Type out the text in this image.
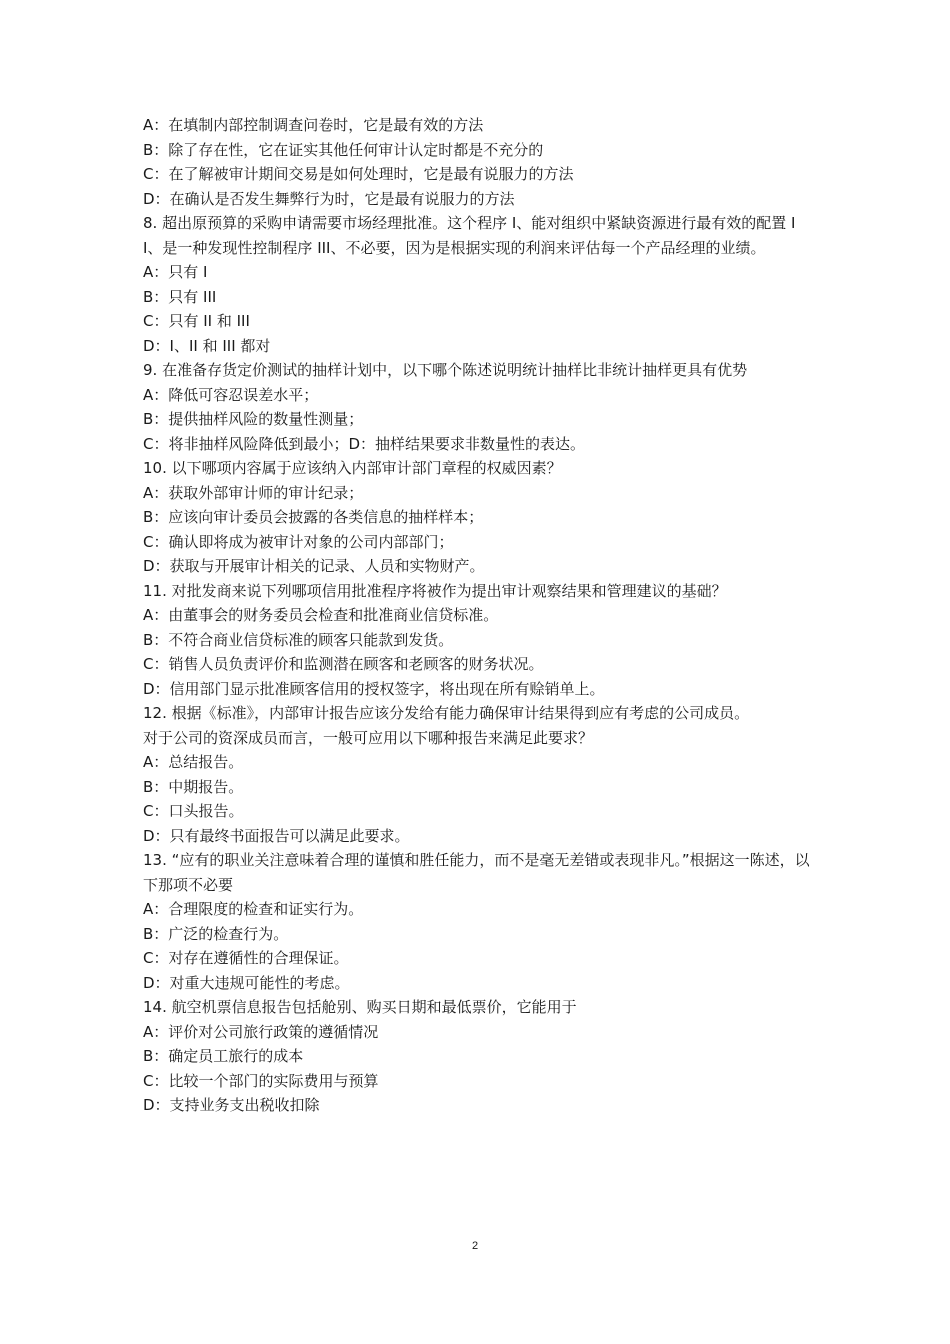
A：在填制内部控制调查问卷时，它是最有效的方法
B：除了存在性，它在证实其他任何审计认定时都是不充分的
C：在了解被审计期间交易是如何处理时，它是最有说服力的方法
D：在确认是否发生舞弊行为时，它是最有说服力的方法
8. 超出原预算的采购申请需要市场经理批准。这个程序 I、能对组织中紧缺资源进行最有效的配置 II、是一种发现性控制程序 III、不必要，因为是根据实现的利润来评估每一个产品经理的业绩。
A：只有 I
B：只有 III
C：只有 II 和 III
D：I、II 和 III 都对
9. 在准备存货定价测试的抽样计划中，以下哪个陈述说明统计抽样比非统计抽样更具有优势
A：降低可容忍误差水平；
B：提供抽样风险的数量性测量；
C：将非抽样风险降低到最小；D：抽样结果要求非数量性的表达。
10. 以下哪项内容属于应该纳入内部审计部门章程的权威因素？
A：获取外部审计师的审计纪录；
B：应该向审计委员会披露的各类信息的抽样样本；
C：确认即将成为被审计对象的公司内部部门；
D：获取与开展审计相关的记录、人员和实物财产。
11. 对批发商来说下列哪项信用批准程序将被作为提出审计观察结果和管理建议的基础？
A：由董事会的财务委员会检查和批准商业信贷标准。
B：不符合商业信贷标准的顾客只能款到发货。
C：销售人员负责评价和监测潜在顾客和老顾客的财务状况。
D：信用部门显示批准顾客信用的授权签字，将出现在所有赊销单上。
12. 根据《标准》，内部审计报告应该分发给有能力确保审计结果得到应有考虑的公司成员。
对于公司的资深成员而言，一般可应用以下哪种报告来满足此要求？
A：总结报告。
B：中期报告。
C：口头报告。
D：只有最终书面报告可以满足此要求。
13. “应有的职业关注意味着合理的谨慎和胜任能力，而不是毫无差错或表现非凡。”根据这一陈述，以下那项不必要
A：合理限度的检查和证实行为。
B：广泛的检查行为。
C：对存在遵循性的合理保证。
D：对重大违规可能性的考虑。
14. 航空机票信息报告包括舱别、购买日期和最低票价，它能用于
A：评价对公司旅行政策的遵循情况
B：确定员工旅行的成本
C：比较一个部门的实际费用与预算
D：支持业务支出税收扣除
2
